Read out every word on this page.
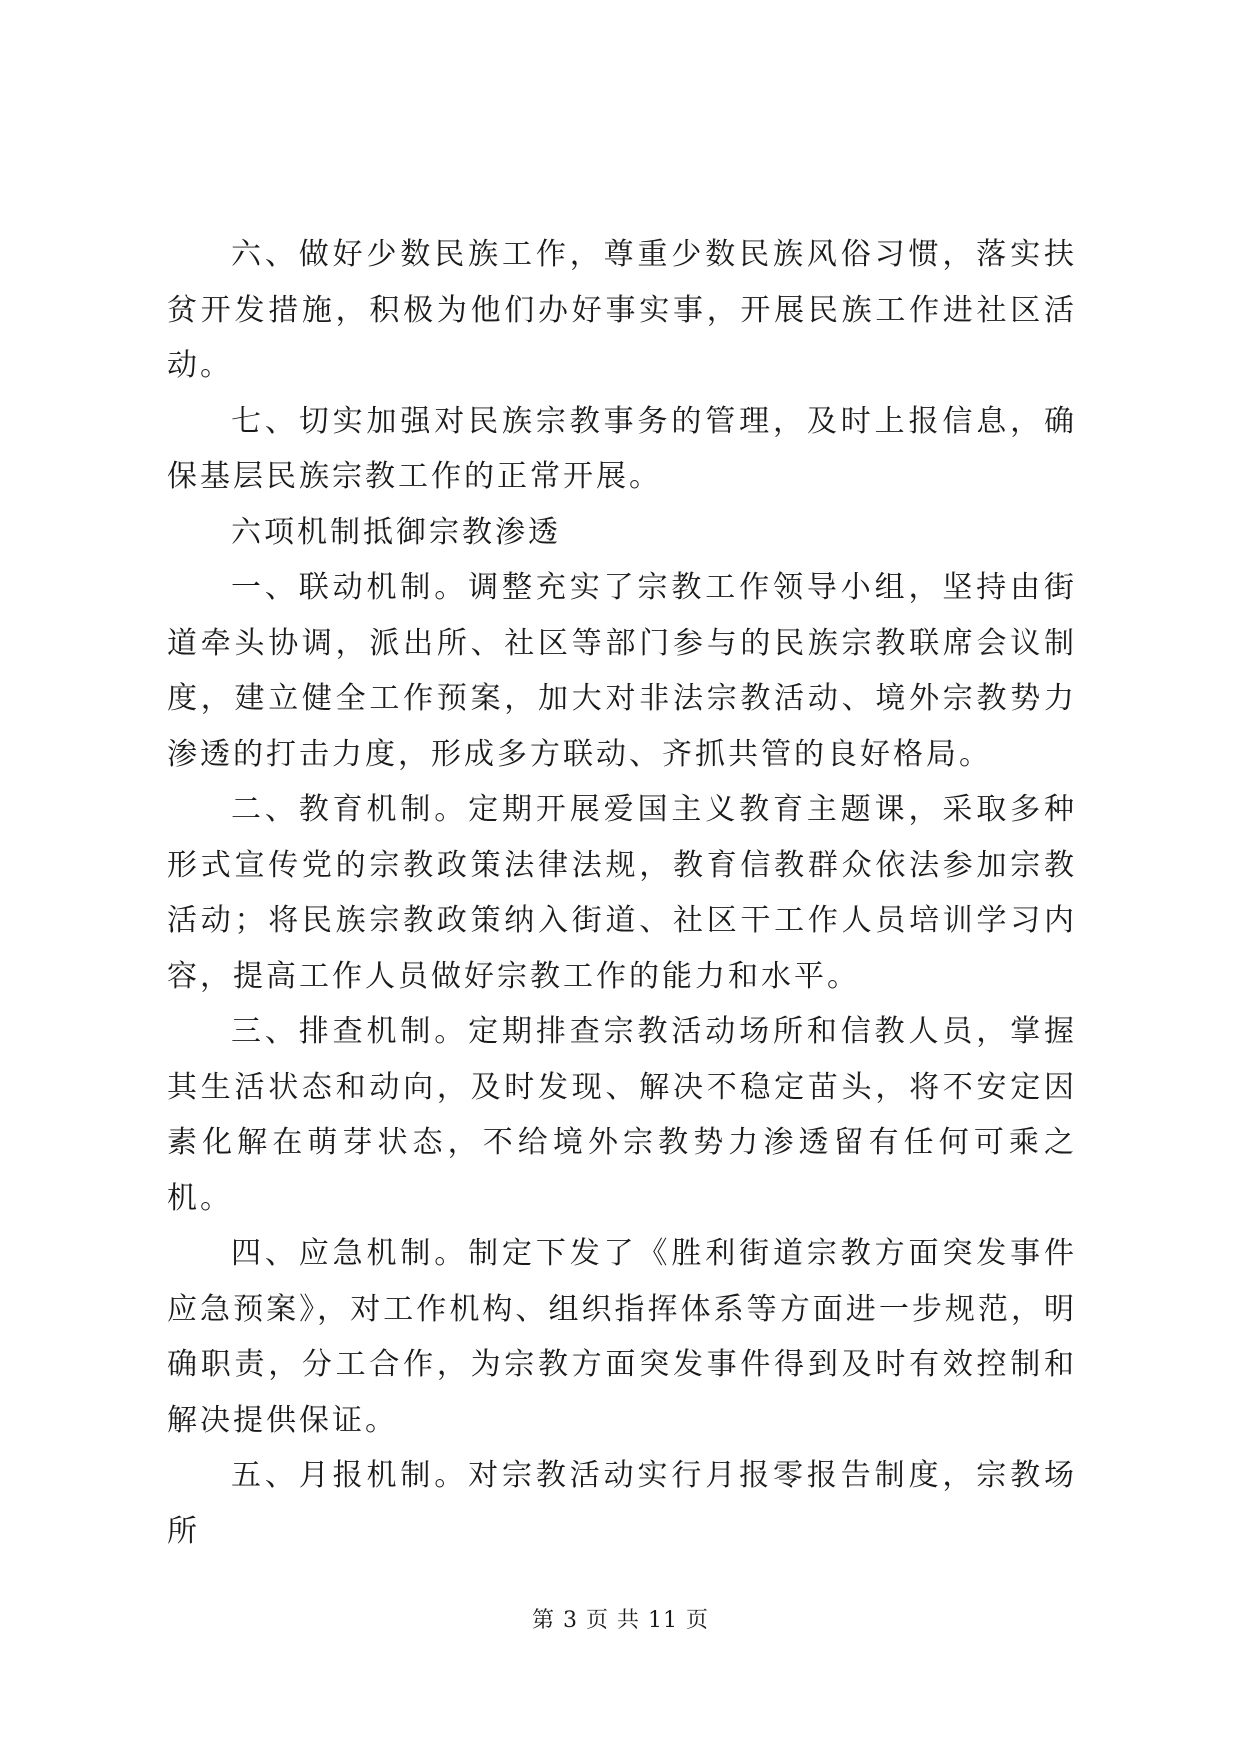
六、做好少数民族工作，尊重少数民族风俗习惯，落实扶贫开发措施，积极为他们办好事实事，开展民族工作进社区活动。

七、切实加强对民族宗教事务的管理，及时上报信息，确保基层民族宗教工作的正常开展。

六项机制抵御宗教渗透

一、联动机制。调整充实了宗教工作领导小组，坚持由街道牵头协调，派出所、社区等部门参与的民族宗教联席会议制度，建立健全工作预案，加大对非法宗教活动、境外宗教势力渗透的打击力度，形成多方联动、齐抓共管的良好格局。

二、教育机制。定期开展爱国主义教育主题课，采取多种形式宣传党的宗教政策法律法规，教育信教群众依法参加宗教活动；将民族宗教政策纳入街道、社区干工作人员培训学习内容，提高工作人员做好宗教工作的能力和水平。

三、排查机制。定期排查宗教活动场所和信教人员，掌握其生活状态和动向，及时发现、解决不稳定苗头，将不安定因素化解在萌芽状态，不给境外宗教势力渗透留有任何可乘之机。

四、应急机制。制定下发了《胜利街道宗教方面突发事件应急预案》，对工作机构、组织指挥体系等方面进一步规范，明确职责，分工合作，为宗教方面突发事件得到及时有效控制和解决提供保证。

五、月报机制。对宗教活动实行月报零报告制度，宗教场所

第 3 页 共 11 页
